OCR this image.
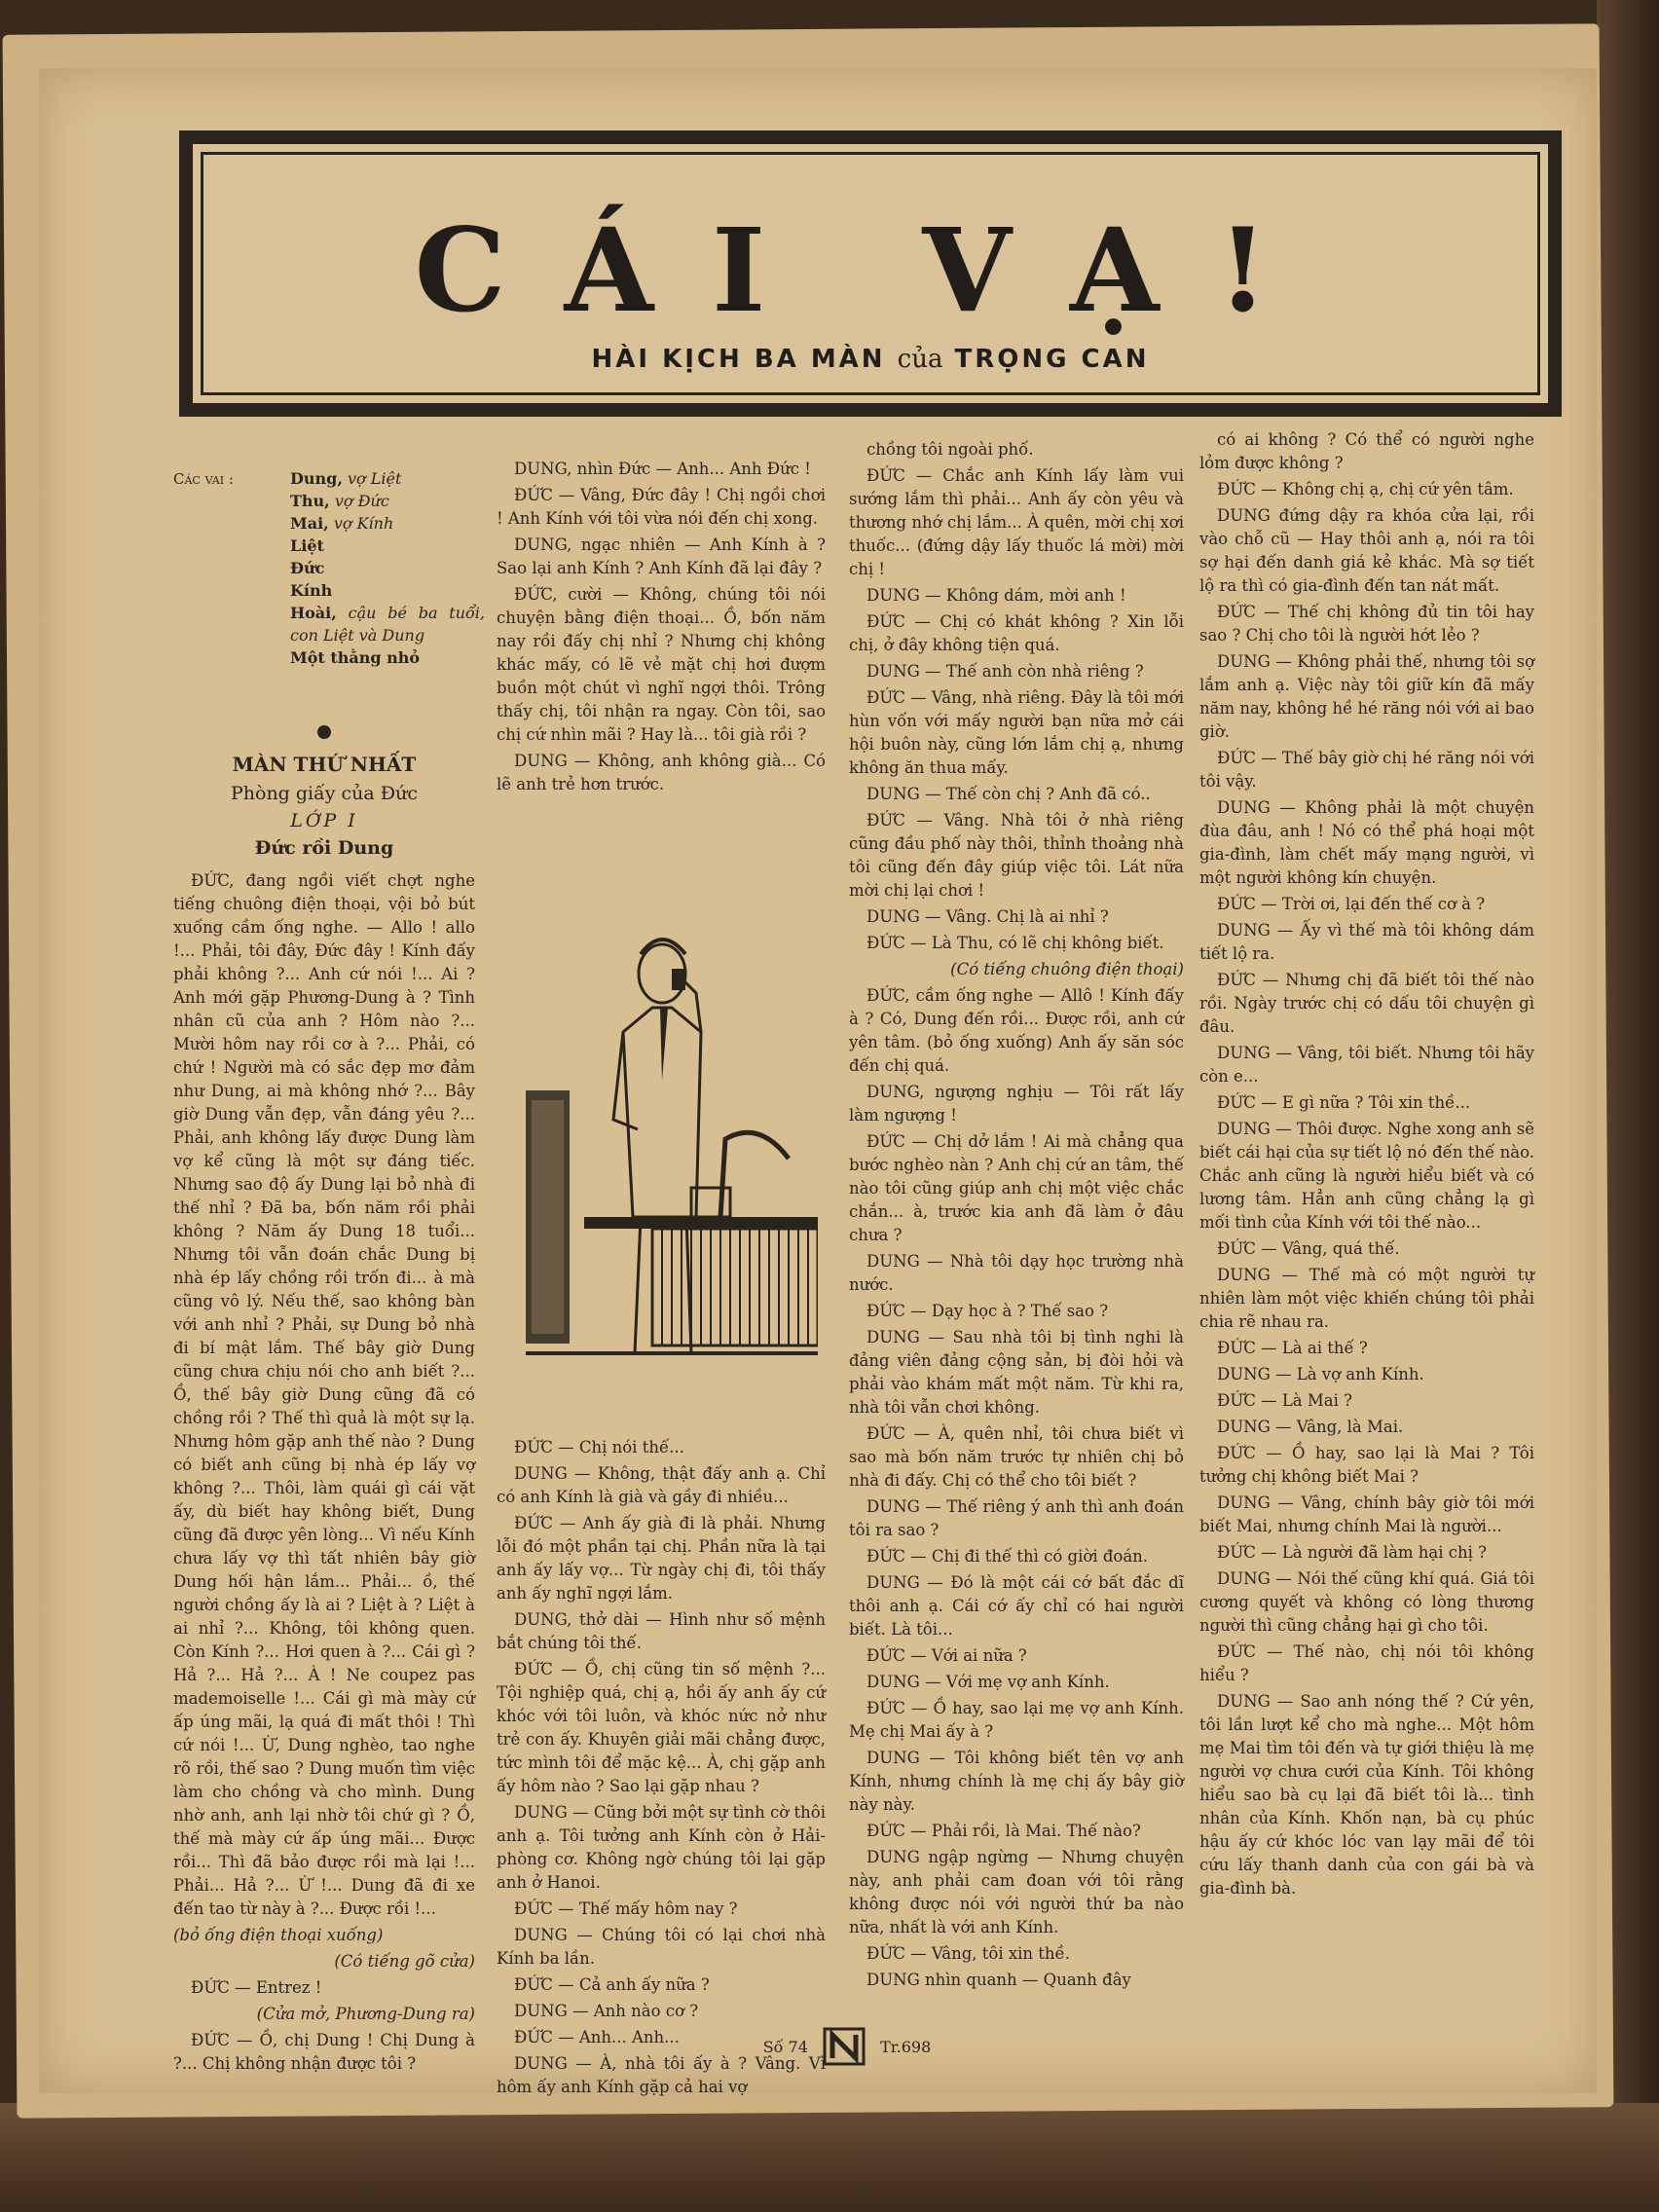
CÁI VẠ!
HÀI KỊCH BA MÀN của TRỌNG CAN
Các vai :	Dung, vợ Liệt
Thu, vợ Đức
Mai, vợ Kính
Liệt
Đức
Kính
Hoài, cậu bé ba tuổi, con Liệt và Dung
Một thằng nhỏ
MÀN THỨ NHẤT
Phòng giấy của Đức
LỚP I
Đức rồi Dung

ĐỨC, đang ngồi viết chợt nghe tiếng chuông điện thoại, vội bỏ bút xuống cầm ống nghe. — Allo ! allo !... Phải, tôi đây, Đức đây ! Kính đấy phải không ?... Anh cứ nói !... Ai ? Anh mới gặp Phương-Dung à ? Tình nhân cũ của anh ? Hôm nào ?... Mười hôm nay rồi cơ à ?... Phải, có chứ ! Người mà có sắc đẹp mơ đảm như Dung, ai mà không nhớ ?... Bây giờ Dung vẫn đẹp, vẫn đáng yêu ?... Phải, anh không lấy được Dung làm vợ kể cũng là một sự đáng tiếc. Nhưng sao độ ấy Dung lại bỏ nhà đi thế nhỉ ? Đã ba, bốn năm rồi phải không ? Năm ấy Dung 18 tuổi... Nhưng tôi vẫn đoán chắc Dung bị nhà ép lấy chồng rồi trốn đi... à mà cũng vô lý. Nếu thế, sao không bàn với anh nhỉ ? Phải, sự Dung bỏ nhà đi bí mật lắm. Thế bây giờ Dung cũng chưa chịu nói cho anh biết ?... Ồ, thế bây giờ Dung cũng đã có chồng rồi ? Thế thì quả là một sự lạ. Nhưng hôm gặp anh thế nào ? Dung có biết anh cũng bị nhà ép lấy vợ không ?... Thôi, làm quái gì cái vặt ấy, dù biết hay không biết, Dung cũng đã được yên lòng... Vì nếu Kính chưa lấy vợ thì tất nhiên bây giờ Dung hối hận lắm... Phải... ồ, thế người chồng ấy là ai ? Liệt à ? Liệt à ai nhỉ ?... Không, tôi không quen. Còn Kính ?... Hơi quen à ?... Cái gì ? Hả ?... Hả ?... À ! Ne coupez pas mademoiselle !... Cái gì mà mày cứ ấp úng mãi, lạ quá đi mất thôi ! Thì cứ nói !... Ừ, Dung nghèo, tao nghe rõ rồi, thế sao ? Dung muốn tìm việc làm cho chồng và cho mình. Dung nhờ anh, anh lại nhờ tôi chứ gì ? Ồ, thế mà mày cứ ấp úng mãi... Được rồi... Thì đã bảo được rồi mà lại !... Phải... Hả ?... Ừ !... Dung đã đi xe đến tao từ này à ?... Được rồi !...

(bỏ ống điện thoại xuống)

(Có tiếng gõ cửa)

ĐỨC — Entrez !

(Cửa mở, Phương-Dung ra)

ĐỨC — Ồ, chị Dung ! Chị Dung à ?... Chị không nhận được tôi ?

DUNG, nhìn Đức — Anh... Anh Đức !

ĐỨC — Vâng, Đức đây ! Chị ngồi chơi ! Anh Kính với tôi vừa nói đến chị xong.

DUNG, ngạc nhiên — Anh Kính à ? Sao lại anh Kính ? Anh Kính đã lại đây ?

ĐỨC, cười — Không, chúng tôi nói chuyện bằng điện thoại... Ồ, bốn năm nay rồi đấy chị nhỉ ? Nhưng chị không khác mấy, có lẽ vẻ mặt chị hơi đượm buồn một chút vì nghĩ ngợi thôi. Trông thấy chị, tôi nhận ra ngay. Còn tôi, sao chị cứ nhìn mãi ? Hay là... tôi già rồi ?

DUNG — Không, anh không già... Có lẽ anh trẻ hơn trước.

ĐỨC — Chị nói thế...

DUNG — Không, thật đấy anh ạ. Chỉ có anh Kính là già và gầy đi nhiều...

ĐỨC — Anh ấy già đi là phải. Nhưng lỗi đó một phần tại chị. Phần nữa là tại anh ấy lấy vợ... Từ ngày chị đi, tôi thấy anh ấy nghĩ ngợi lắm.

DUNG, thở dài — Hình như số mệnh bắt chúng tôi thế.

ĐỨC — Ồ, chị cũng tin số mệnh ?... Tội nghiệp quá, chị ạ, hồi ấy anh ấy cứ khóc với tôi luôn, và khóc nức nở như trẻ con ấy. Khuyên giải mãi chẳng được, tức mình tôi để mặc kệ... À, chị gặp anh ấy hôm nào ? Sao lại gặp nhau ?

DUNG — Cũng bởi một sự tình cờ thôi anh ạ. Tôi tưởng anh Kính còn ở Hải-phòng cơ. Không ngờ chúng tôi lại gặp anh ở Hanoi.

ĐỨC — Thế mấy hôm nay ?

DUNG — Chúng tôi có lại chơi nhà Kính ba lần.

ĐỨC — Cả anh ấy nữa ?

DUNG — Anh nào cơ ?

ĐỨC — Anh... Anh...

DUNG — À, nhà tôi ấy à ? Vâng. Vì hôm ấy anh Kính gặp cả hai vợ

chồng tôi ngoài phố.

ĐỨC — Chắc anh Kính lấy làm vui sướng lắm thì phải... Anh ấy còn yêu và thương nhớ chị lắm... À quên, mời chị xơi thuốc... (đứng dậy lấy thuốc lá mời) mời chị !

DUNG — Không dám, mời anh !

ĐỨC — Chị có khát không ? Xin lỗi chị, ở đây không tiện quá.

DUNG — Thế anh còn nhà riêng ?

ĐỨC — Vâng, nhà riêng. Đây là tôi mới hùn vốn với mấy người bạn nữa mở cái hội buôn này, cũng lớn lắm chị ạ, nhưng không ăn thua mấy.

DUNG — Thế còn chị ? Anh đã có..

ĐỨC — Vâng. Nhà tôi ở nhà riêng cũng đầu phố này thôi, thỉnh thoảng nhà tôi cũng đến đây giúp việc tôi. Lát nữa mời chị lại chơi !

DUNG — Vâng. Chị là ai nhỉ ?

ĐỨC — Là Thu, có lẽ chị không biết.

(Có tiếng chuông điện thoại)

ĐỨC, cầm ống nghe — Allô ! Kính đấy à ? Có, Dung đến rồi... Được rồi, anh cứ yên tâm. (bỏ ống xuống) Anh ấy săn sóc đến chị quá.

DUNG, ngượng nghịu — Tôi rất lấy làm ngượng !

ĐỨC — Chị dở lắm ! Ai mà chẳng qua bước nghèo nàn ? Anh chị cứ an tâm, thế nào tôi cũng giúp anh chị một việc chắc chắn... à, trước kia anh đã làm ở đâu chưa ?

DUNG — Nhà tôi dạy học trường nhà nước.

ĐỨC — Dạy học à ? Thế sao ?

DUNG — Sau nhà tôi bị tình nghi là đảng viên đảng cộng sản, bị đòi hỏi và phải vào khám mất một năm. Từ khi ra, nhà tôi vẫn chơi không.

ĐỨC — À, quên nhỉ, tôi chưa biết vì sao mà bốn năm trước tự nhiên chị bỏ nhà đi đấy. Chị có thể cho tôi biết ?

DUNG — Thế riêng ý anh thì anh đoán tôi ra sao ?

ĐỨC — Chị đi thế thì có giời đoán.

DUNG — Đó là một cái cớ bất đắc dĩ thôi anh ạ. Cái cớ ấy chỉ có hai người biết. Là tôi...

ĐỨC — Với ai nữa ?

DUNG — Với mẹ vợ anh Kính.

ĐỨC — Ồ hay, sao lại mẹ vợ anh Kính. Mẹ chị Mai ấy à ?

DUNG — Tôi không biết tên vợ anh Kính, nhưng chính là mẹ chị ấy bây giờ này này.

ĐỨC — Phải rồi, là Mai. Thế nào?

DUNG ngập ngừng — Nhưng chuyện này, anh phải cam đoan với tôi rằng không được nói với người thứ ba nào nữa, nhất là với anh Kính.

ĐỨC — Vâng, tôi xin thề.

DUNG nhìn quanh — Quanh đây

có ai không ? Có thể có người nghe lỏm được không ?

ĐỨC — Không chị ạ, chị cứ yên tâm.

DUNG đứng dậy ra khóa cửa lại, rồi vào chỗ cũ — Hay thôi anh ạ, nói ra tôi sợ hại đến danh giá kẻ khác. Mà sợ tiết lộ ra thì có gia-đình đến tan nát mất.

ĐỨC — Thế chị không đủ tin tôi hay sao ? Chị cho tôi là người hớt lẻo ?

DUNG — Không phải thế, nhưng tôi sợ lắm anh ạ. Việc này tôi giữ kín đã mấy năm nay, không hề hé răng nói với ai bao giờ.

ĐỨC — Thế bây giờ chị hé răng nói với tôi vậy.

DUNG — Không phải là một chuyện đùa đâu, anh ! Nó có thể phá hoại một gia-đình, làm chết mấy mạng người, vì một người không kín chuyện.

ĐỨC — Trời ơi, lại đến thế cơ à ?

DUNG — Ấy vì thế mà tôi không dám tiết lộ ra.

ĐỨC — Nhưng chị đã biết tôi thế nào rồi. Ngày trước chị có dấu tôi chuyện gì đâu.

DUNG — Vâng, tôi biết. Nhưng tôi hãy còn e...

ĐỨC — E gì nữa ? Tôi xin thề...

DUNG — Thôi được. Nghe xong anh sẽ biết cái hại của sự tiết lộ nó đến thế nào. Chắc anh cũng là người hiểu biết và có lương tâm. Hẳn anh cũng chẳng lạ gì mối tình của Kính với tôi thế nào...

ĐỨC — Vâng, quá thế.

DUNG — Thế mà có một người tự nhiên làm một việc khiến chúng tôi phải chia rẽ nhau ra.

ĐỨC — Là ai thế ?

DUNG — Là vợ anh Kính.

ĐỨC — Là Mai ?

DUNG — Vâng, là Mai.

ĐỨC — Ồ hay, sao lại là Mai ? Tôi tưởng chị không biết Mai ?

DUNG — Vâng, chính bây giờ tôi mới biết Mai, nhưng chính Mai là người...

ĐỨC — Là người đã làm hại chị ?

DUNG — Nói thế cũng khí quá. Giá tôi cương quyết và không có lòng thương người thì cũng chẳng hại gì cho tôi.

ĐỨC — Thế nào, chị nói tôi không hiểu ?

DUNG — Sao anh nóng thế ? Cứ yên, tôi lần lượt kể cho mà nghe... Một hôm mẹ Mai tìm tôi đến và tự giới thiệu là mẹ người vợ chưa cưới của Kính. Tôi không hiểu sao bà cụ lại đã biết tôi là... tình nhân của Kính. Khốn nạn, bà cụ phúc hậu ấy cứ khóc lóc van lạy mãi để tôi cứu lấy thanh danh của con gái bà và gia-đình bà.

Số 74	Tr.698
